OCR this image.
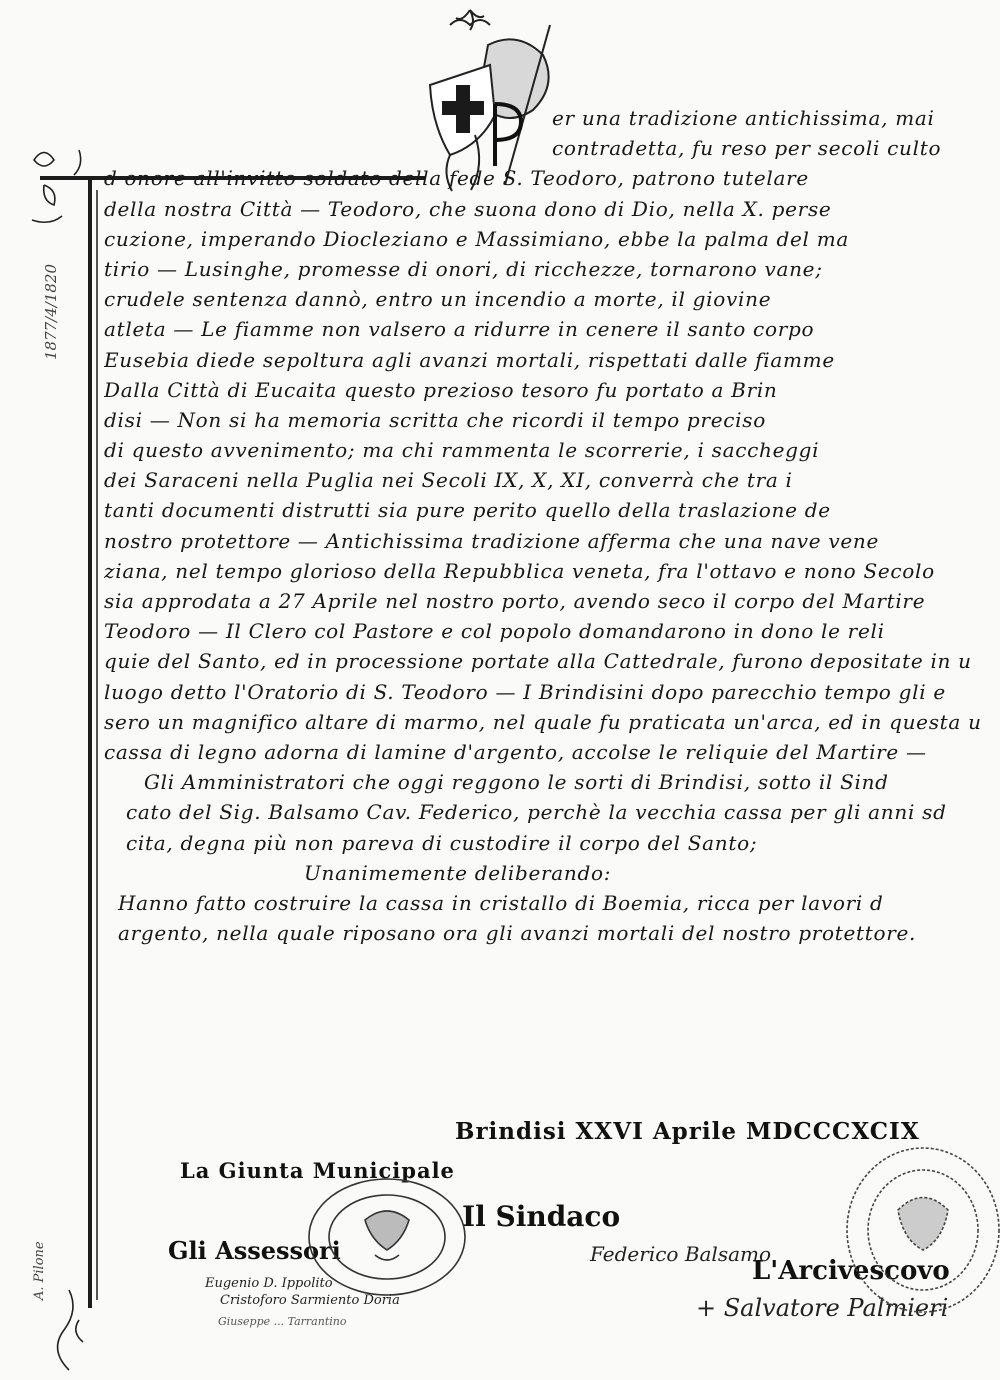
1877/4/1820
A. Pilone
er una tradizione antichissima, mai
contradetta, fu reso per secoli culto
d onore all'invitto soldato della fede S. Teodoro, patrono tutelare
della nostra Città — Teodoro, che suona dono di Dio, nella X. perse
cuzione, imperando Diocleziano e Massimiano, ebbe la palma del ma
tirio — Lusinghe, promesse di onori, di ricchezze, tornarono vane;
crudele sentenza dannò, entro un incendio a morte, il giovine
atleta — Le fiamme non valsero a ridurre in cenere il santo corpo
Eusebia diede sepoltura agli avanzi mortali, rispettati dalle fiamme
Dalla Città di Eucaita questo prezioso tesoro fu portato a Brin
disi — Non si ha memoria scritta che ricordi il tempo preciso
di questo avvenimento; ma chi rammenta le scorrerie, i saccheggi
dei Saraceni nella Puglia nei Secoli IX, X, XI, converrà che tra i
tanti documenti distrutti sia pure perito quello della traslazione de
nostro protettore — Antichissima tradizione afferma che una nave vene
ziana, nel tempo glorioso della Repubblica veneta, fra l'ottavo e nono Secolo
sia approdata a 27 Aprile nel nostro porto, avendo seco il corpo del Martire
Teodoro — Il Clero col Pastore e col popolo domandarono in dono le reli
quie del Santo, ed in processione portate alla Cattedrale, furono depositate in u
luogo detto l'Oratorio di S. Teodoro — I Brindisini dopo parecchio tempo gli e
sero un magnifico altare di marmo, nel quale fu praticata un'arca, ed in questa u
cassa di legno adorna di lamine d'argento, accolse le reliquie del Martire —
Gli Amministratori che oggi reggono le sorti di Brindisi, sotto il Sind
cato del Sig. Balsamo Cav. Federico, perchè la vecchia cassa per gli anni sd
cita, degna più non pareva di custodire il corpo del Santo;
Unanimemente deliberando:
Hanno fatto costruire la cassa in cristallo di Boemia, ricca per lavori d
argento, nella quale riposano ora gli avanzi mortali del nostro protettore.
Brindisi XXVI Aprile MDCCCXCIX
La Giunta Municipale
Il Sindaco
Gli Assessori
L'Arcivescovo
Federico Balsamo
Eugenio D. Ippolito
Cristoforo Sarmiento Doria
Giuseppe ... Tarrantino	+ Salvatore Palmieri
